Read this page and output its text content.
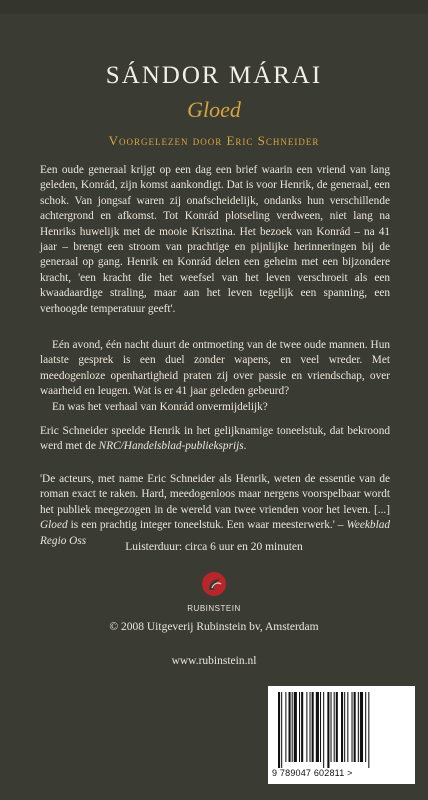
SÁNDOR MÁRAI
Gloed
Voorgelezen door Eric Schneider

Een oude generaal krijgt op een dag een brief waarin een vriend van lang geleden, Konrád, zijn komst aankondigt. Dat is voor Henrik, de generaal, een schok. Van jongsaf waren zij onafscheidelijk, ondanks hun verschillende achtergrond en afkomst. Tot Konrád plotseling verdween, niet lang na Henriks huwelijk met de mooie Krisztina. Het bezoek van Konrád – na 41 jaar – brengt een stroom van prachtige en pijnlijke herinneringen bij de generaal op gang. Henrik en Konrád delen een geheim met een bijzondere kracht, 'een kracht die het weefsel van het leven verschroeit als een kwaadaardige straling, maar aan het leven tegelijk een spanning, een verhoogde temperatuur geeft'.

Eén avond, één nacht duurt de ontmoeting van de twee oude mannen. Hun laatste gesprek is een duel zonder wapens, en veel wreder. Met meedogenloze openhartigheid praten zij over passie en vriendschap, over waarheid en leugen. Wat is er 41 jaar geleden gebeurd?

En was het verhaal van Konrád onvermijdelijk?

Eric Schneider speelde Henrik in het gelijknamige toneelstuk, dat bekroond werd met de NRC/Handelsblad-publieksprijs.

'De acteurs, met name Eric Schneider als Henrik, weten de essentie van de roman exact te raken. Hard, meedogenloos maar nergens voorspelbaar wordt het publiek meegezogen in de wereld van twee vrienden voor het leven. [...] Gloed is een prachtig integer toneelstuk. Een waar meesterwerk.' – Weekblad Regio Oss

Luisterduur: circa 6 uur en 20 minuten
RUBINSTEIN
© 2008 Uitgeverij Rubinstein bv, Amsterdam
www.rubinstein.nl
9 789047 602811 >
